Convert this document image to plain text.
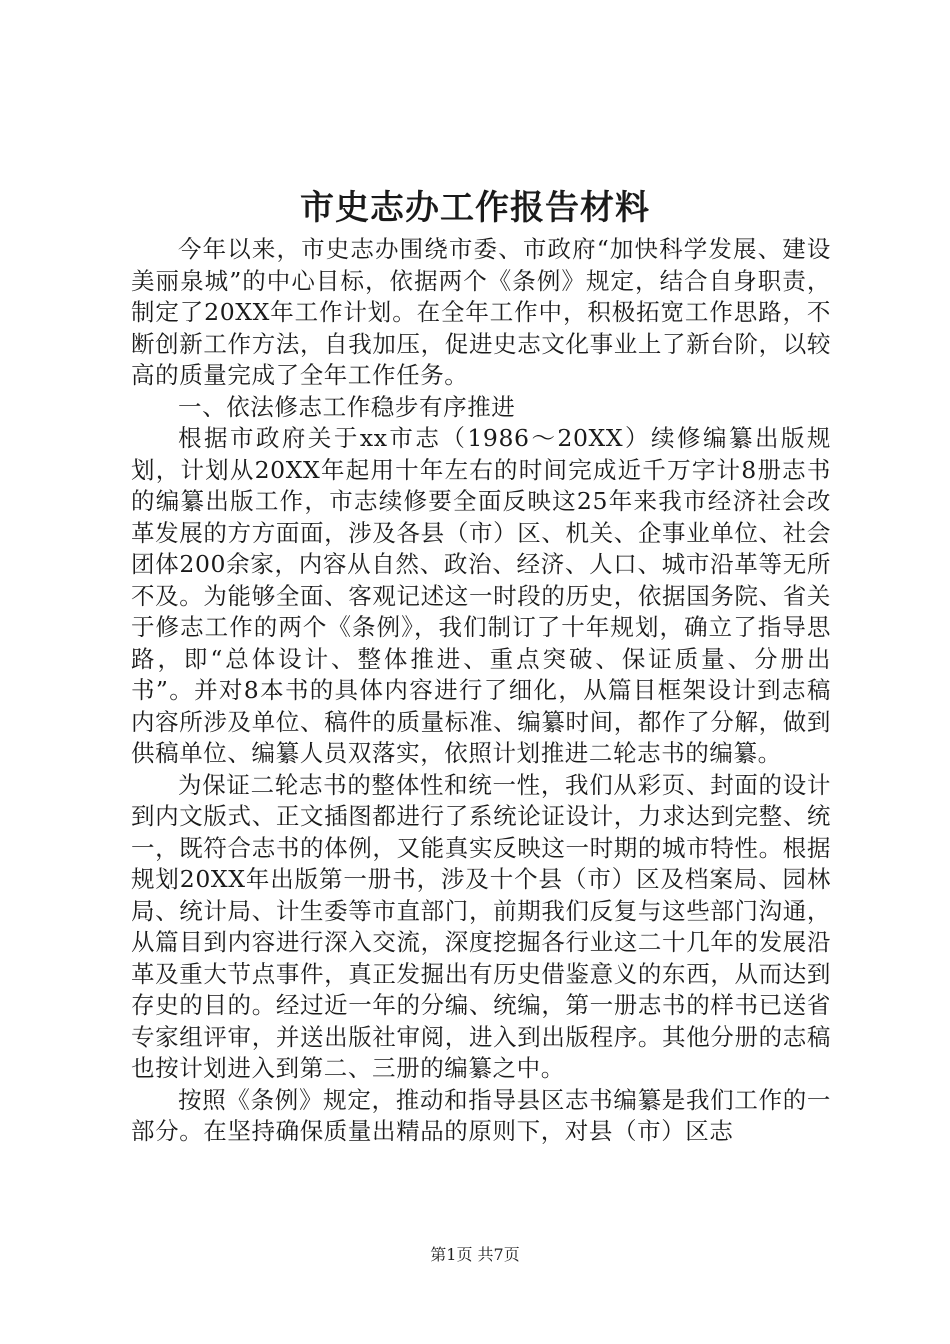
市史志办工作报告材料

今年以来，市史志办围绕市委、市政府“加快科学发展、建设美丽泉城”的中心目标，依据两个《条例》规定，结合自身职责，制定了20XX年工作计划。在全年工作中，积极拓宽工作思路，不断创新工作方法，自我加压，促进史志文化事业上了新台阶，以较高的质量完成了全年工作任务。

一、依法修志工作稳步有序推进

根据市政府关于xx市志（1986～20XX）续修编纂出版规划，计划从20XX年起用十年左右的时间完成近千万字计8册志书的编纂出版工作，市志续修要全面反映这25年来我市经济社会改革发展的方方面面，涉及各县（市）区、机关、企事业单位、社会团体200余家，内容从自然、政治、经济、人口、城市沿革等无所不及。为能够全面、客观记述这一时段的历史，依据国务院、省关于修志工作的两个《条例》，我们制订了十年规划，确立了指导思路，即“总体设计、整体推进、重点突破、保证质量、分册出书”。并对8本书的具体内容进行了细化，从篇目框架设计到志稿内容所涉及单位、稿件的质量标准、编纂时间，都作了分解，做到供稿单位、编纂人员双落实，依照计划推进二轮志书的编纂。

为保证二轮志书的整体性和统一性，我们从彩页、封面的设计到内文版式、正文插图都进行了系统论证设计，力求达到完整、统一，既符合志书的体例，又能真实反映这一时期的城市特性。根据规划20XX年出版第一册书，涉及十个县（市）区及档案局、园林局、统计局、计生委等市直部门，前期我们反复与这些部门沟通，从篇目到内容进行深入交流，深度挖掘各行业这二十几年的发展沿革及重大节点事件，真正发掘出有历史借鉴意义的东西，从而达到存史的目的。经过近一年的分编、统编，第一册志书的样书已送省专家组评审，并送出版社审阅，进入到出版程序。其他分册的志稿也按计划进入到第二、三册的编纂之中。

按照《条例》规定，推动和指导县区志书编纂是我们工作的一部分。在坚持确保质量出精品的原则下，对县（市）区志

第1页 共7页
